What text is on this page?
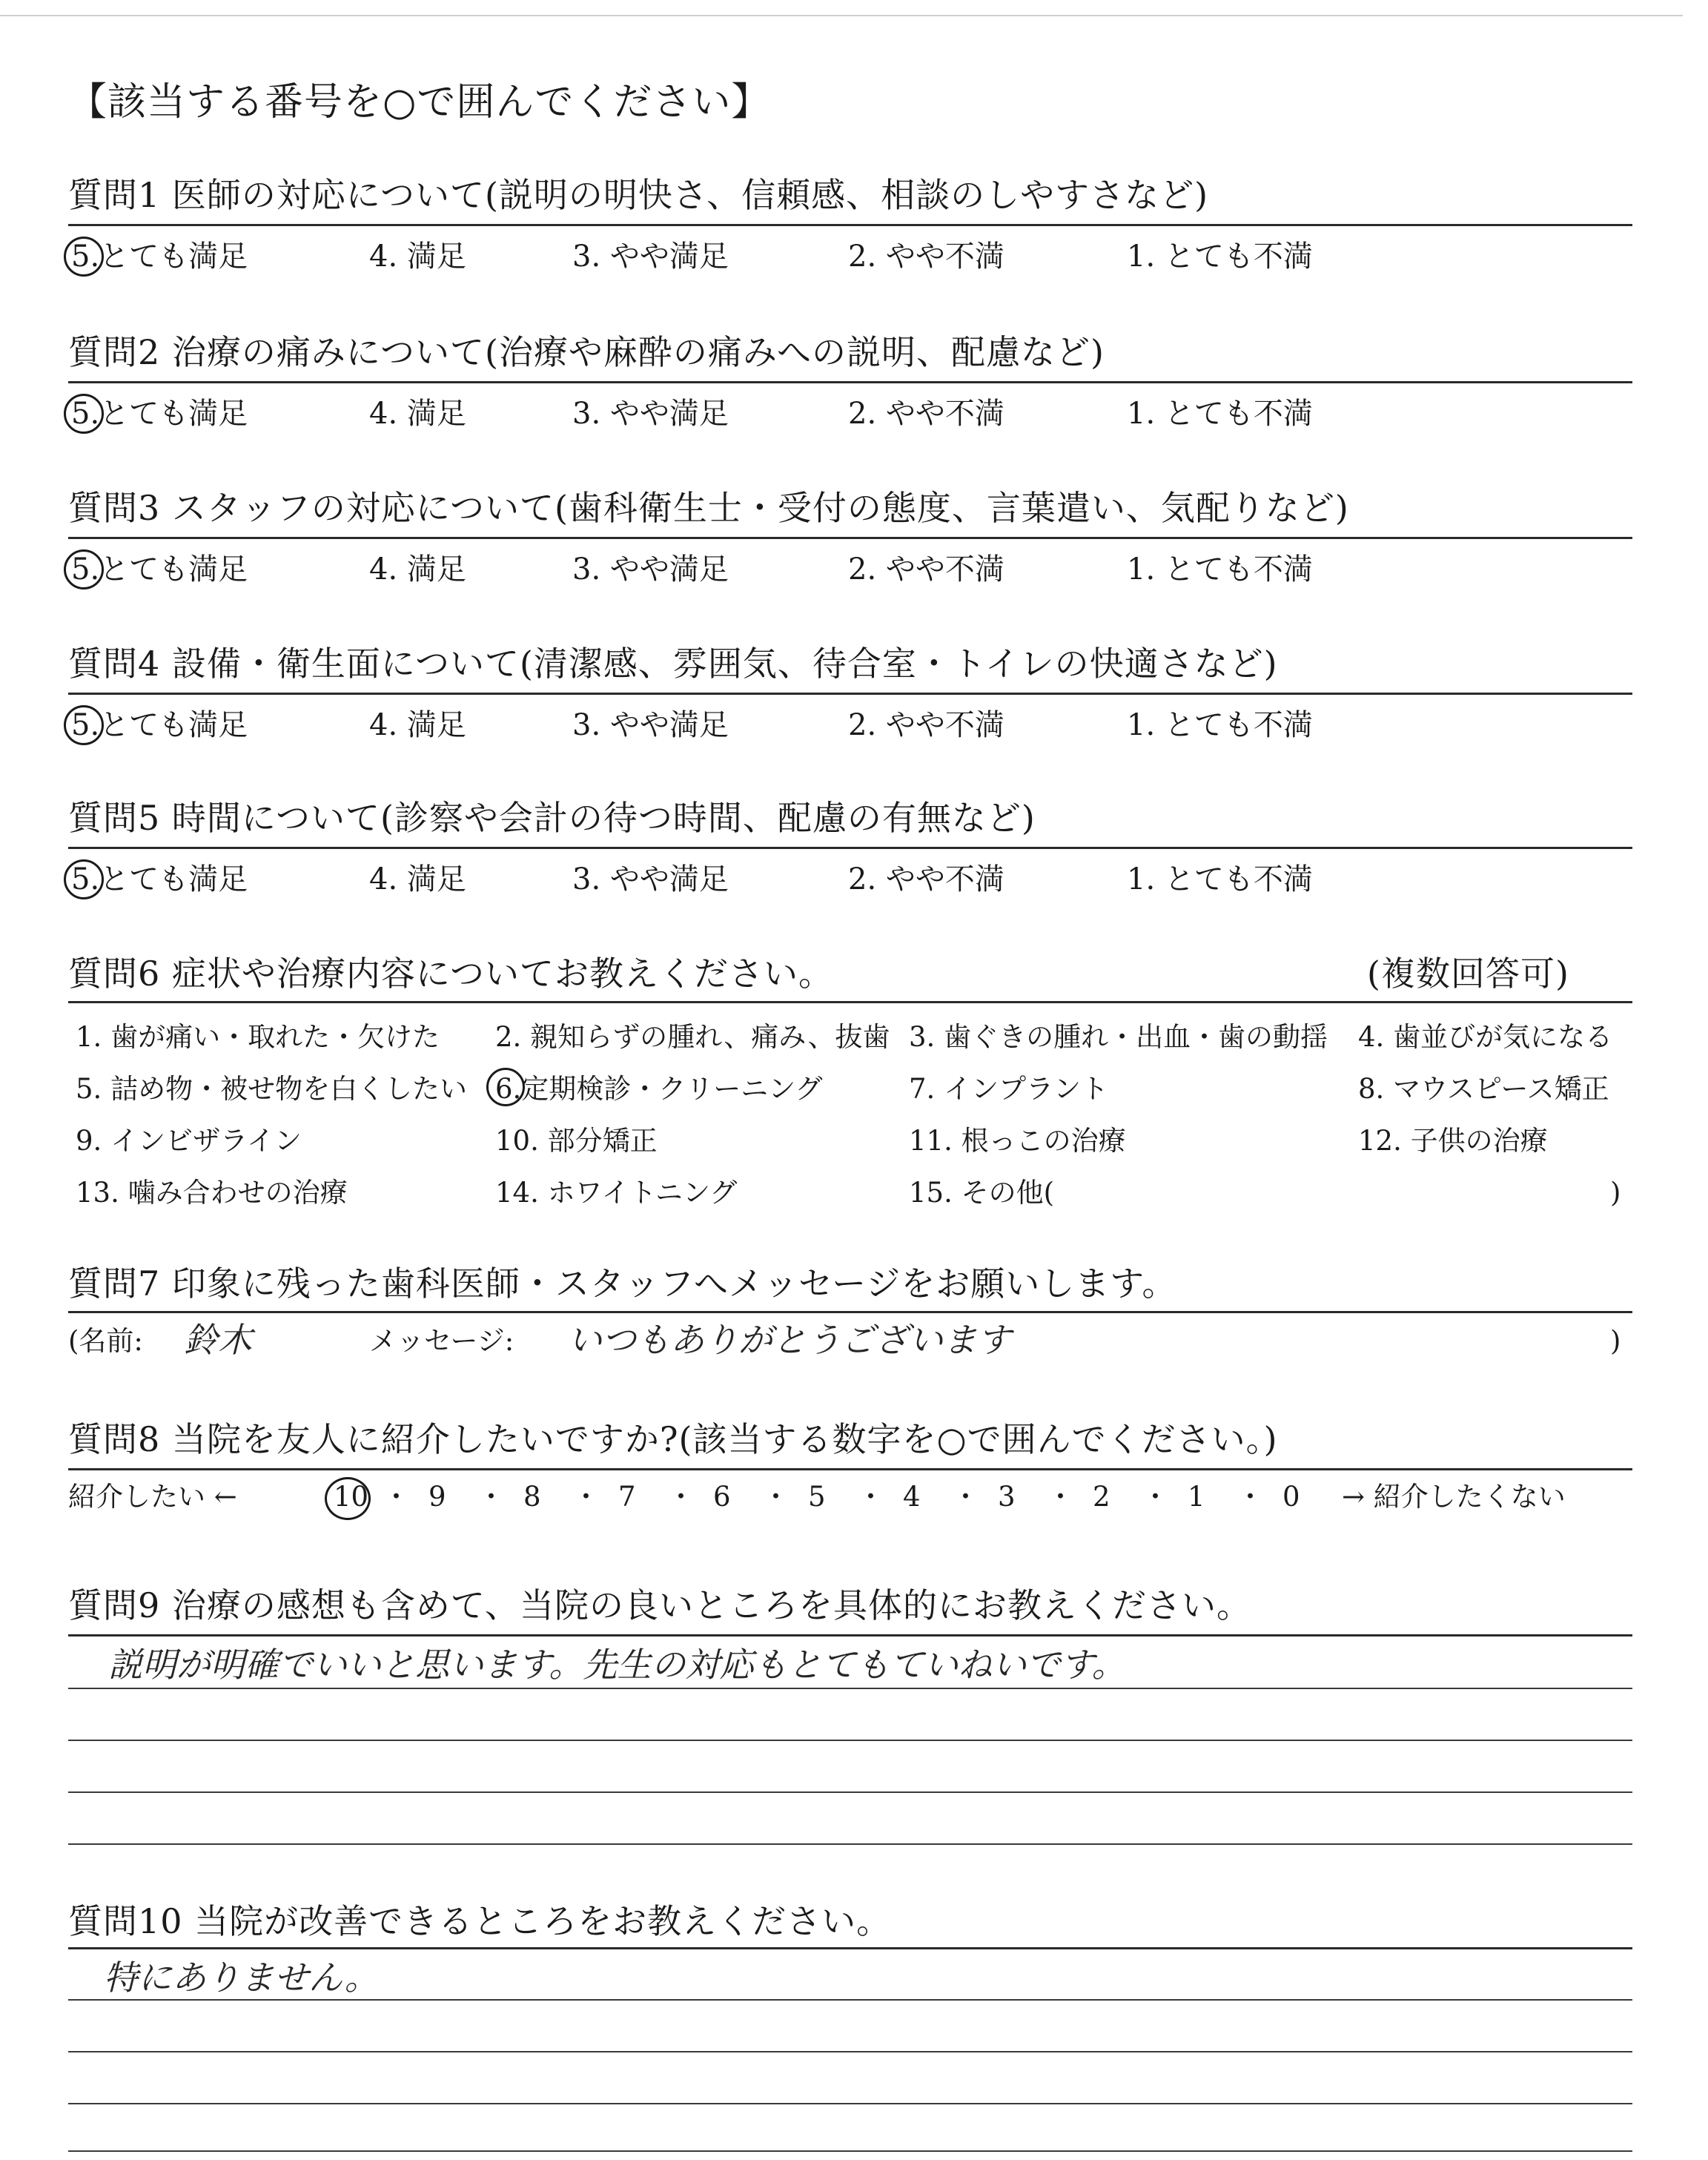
【該当する番号を○で囲んでください】
質問1 医師の対応について(説明の明快さ、信頼感、相談のしやすさなど)
5.とても満足	4. 満足	3. やや満足	2. やや不満	1. とても不満
質問2 治療の痛みについて(治療や麻酔の痛みへの説明、配慮など)
5.とても満足	4. 満足	3. やや満足	2. やや不満	1. とても不満
質問3 スタッフの対応について(歯科衛生士・受付の態度、言葉遣い、気配りなど)
5.とても満足	4. 満足	3. やや満足	2. やや不満	1. とても不満
質問4 設備・衛生面について(清潔感、雰囲気、待合室・トイレの快適さなど)
5.とても満足	4. 満足	3. やや満足	2. やや不満	1. とても不満
質問5 時間について(診察や会計の待つ時間、配慮の有無など)
5.とても満足	4. 満足	3. やや満足	2. やや不満	1. とても不満
質問6 症状や治療内容についてお教えください。	(複数回答可)
1. 歯が痛い・取れた・欠けた 2. 親知らずの腫れ、痛み、抜歯 3. 歯ぐきの腫れ・出血・歯の動揺 4. 歯並びが気になる
5. 詰め物・被せ物を白くしたい 6.定期検診・クリーニング	7. インプラント	8. マウスピース矯正
9. インビザライン	10. 部分矯正	11. 根っこの治療	12. 子供の治療
13. 噛み合わせの治療	14. ホワイトニング	15. その他(	)
質問7 印象に残った歯科医師・スタッフへメッセージをお願いします。
(名前: 鈴木	メッセージ: いつもありがとうございます	)
質問8 当院を友人に紹介したいですか?(該当する数字を○で囲んでください。)
紹介したい ←	10 ・ 9 ・ 8 ・ 7 ・ 6 ・ 5 ・ 4 ・ 3 ・ 2 ・ 1 ・ 0 → 紹介したくない
質問9 治療の感想も含めて、当院の良いところを具体的にお教えください。
説明が明確でいいと思います。先生の対応もとてもていねいです。
質問10 当院が改善できるところをお教えください。
特にありません。
